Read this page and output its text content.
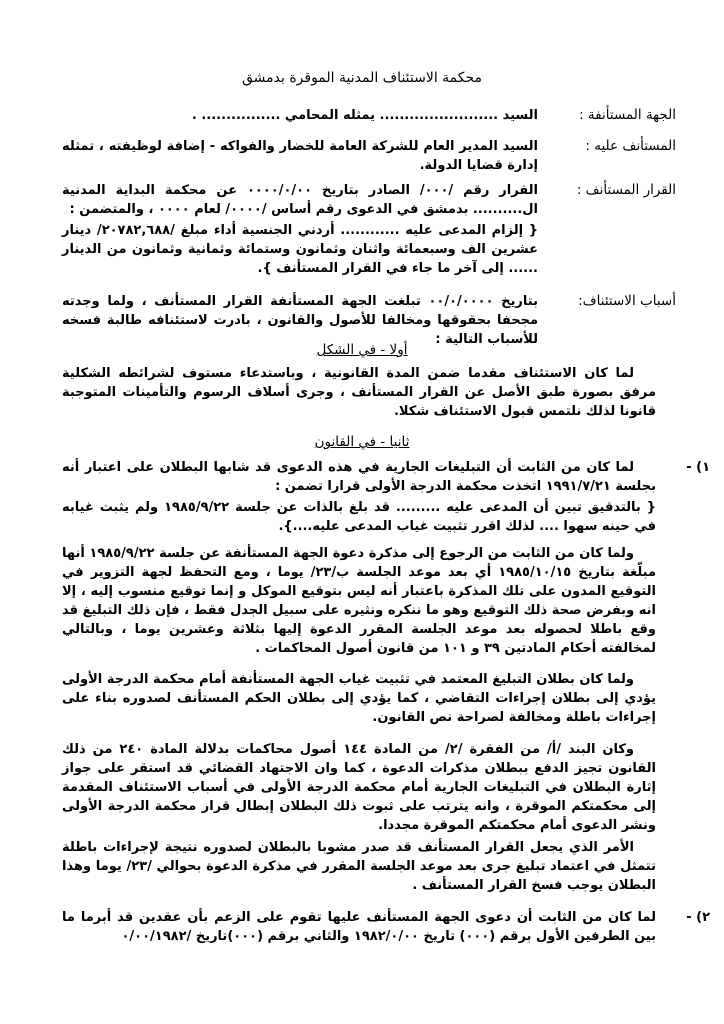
محكمة الاستئناف المدنية الموقرة بدمشق
الجهة المستأنفة :

السيد ........................ يمثله المحامي ................ .

المستأنف عليه :

السيد المدير العام للشركة العامة للخضار والفواكه - إضافة لوظيفته ، تمثله إدارة قضايا الدولة.

القرار المستأنف :

القرار رقم /٠٠٠/ الصادر بتاريخ ٠٠٠٠/٠/٠٠ عن محكمة البداية المدنية ال.......... بدمشق في الدعوى رقم أساس /٠٠٠٠/ لعام ٠٠٠٠ ، والمتضمن :

{ إلزام المدعى عليه ............ أردني الجنسية أداء مبلغ /٢٠٧٨٢,٦٨٨/ دينار عشرين الف وسبعمائة واثنان وثمانون وستمائة وثمانية وثمانون من الدينار ...... إلى آخر ما جاء في القرار المستأنف }.

أسباب الاستئناف:

بتاريخ ٠٠/٠/٠٠٠٠ تبلغت الجهة المستأنفة القرار المستأنف ، ولما وجدته مجحفا بحقوقها ومخالفا للأصول والقانون ، بادرت لاستئنافه طالبة فسخه للأسباب التالية :

أولا - في الشكل

لما كان الاستئناف مقدما ضمن المدة القانونية ، وباستدعاء مستوف لشرائطه الشكلية مرفق بصورة طبق الأصل عن القرار المستأنف ، وجرى أسلاف الرسوم والتأمينات المتوجبة قانونا لذلك نلتمس قبول الاستئناف شكلا.

ثانيا - في القانون
١) -

لما كان من الثابت أن التبليغات الجارية في هذه الدعوى قد شابها البطلان على اعتبار أنه بجلسة ١٩٩١/٧/٢١ اتخذت محكمة الدرجة الأولى قرارا تضمن :

{ بالتدقيق تبين أن المدعى عليه ......... قد بلغ بالذات عن جلسة ١٩٨٥/٩/٢٢ ولم يثبت غيابه في حينه سهوا .... لذلك اقرر تثبيت غياب المدعى عليه....}.

ولما كان من الثابت من الرجوع إلى مذكرة دعوة الجهة المستأنفة عن جلسة ١٩٨٥/٩/٢٢ أنها مبلّغة بتاريخ ١٩٨٥/١٠/١٥ أي بعد موعد الجلسة ب/٢٣/ يوما ، ومع التحفظ لجهة التزوير في التوقيع المدون على تلك المذكرة باعتبار أنه ليس بتوقيع الموكل و إنما توقيع منسوب إليه ، إلا انه وبفرض صحة ذلك التوقيع وهو ما ننكره ونثيره على سبيل الجدل فقط ، فإن ذلك التبليغ قد وقع باطلا لحصوله بعد موعد الجلسة المقرر الدعوة إليها بثلاثة وعشرين يوما ، وبالتالي لمخالفته أحكام المادتين ٣٩ و ١٠١ من قانون أصول المحاكمات .

ولما كان بطلان التبليغ المعتمد في تثبيت غياب الجهة المستأنفة أمام محكمة الدرجة الأولى يؤدي إلى بطلان إجراءات التقاضي ، كما يؤدي إلى بطلان الحكم المستأنف لصدوره بناء على إجراءات باطلة ومخالفة لصراحة نص القانون.

وكان البند /أ/ من الفقرة /٢/ من المادة ١٤٤ أصول محاكمات بدلالة المادة ٢٤٠ من ذلك القانون تجيز الدفع ببطلان مذكرات الدعوة ، كما وان الاجتهاد القضائي قد استقر على جواز إثارة البطلان في التبليغات الجارية أمام محكمة الدرجة الأولى في أسباب الاستئناف المقدمة إلى محكمتكم الموقرة ، وانه يترتب على ثبوت ذلك البطلان إبطال قرار محكمة الدرجة الأولى ونشر الدعوى أمام محكمتكم الموقرة مجددا.

الأمر الذي يجعل القرار المستأنف قد صدر مشوبا بالبطلان لصدوره نتيجة لإجراءات باطلة تتمثل في اعتماد تبليغ جرى بعد موعد الجلسة المقرر في مذكرة الدعوة بحوالي /٢٣/ يوما وهذا البطلان يوجب فسخ القرار المستأنف .

٢) -

لما كان من الثابت أن دعوى الجهة المستأنف عليها تقوم على الزعم بأن عقدين قد أبرما ما بين الطرفين الأول برقم (٠٠٠) تاريخ ١٩٨٢/٠/٠٠ والثاني برقم (٠٠٠)تاريخ /٠/٠٠/١٩٨٢
